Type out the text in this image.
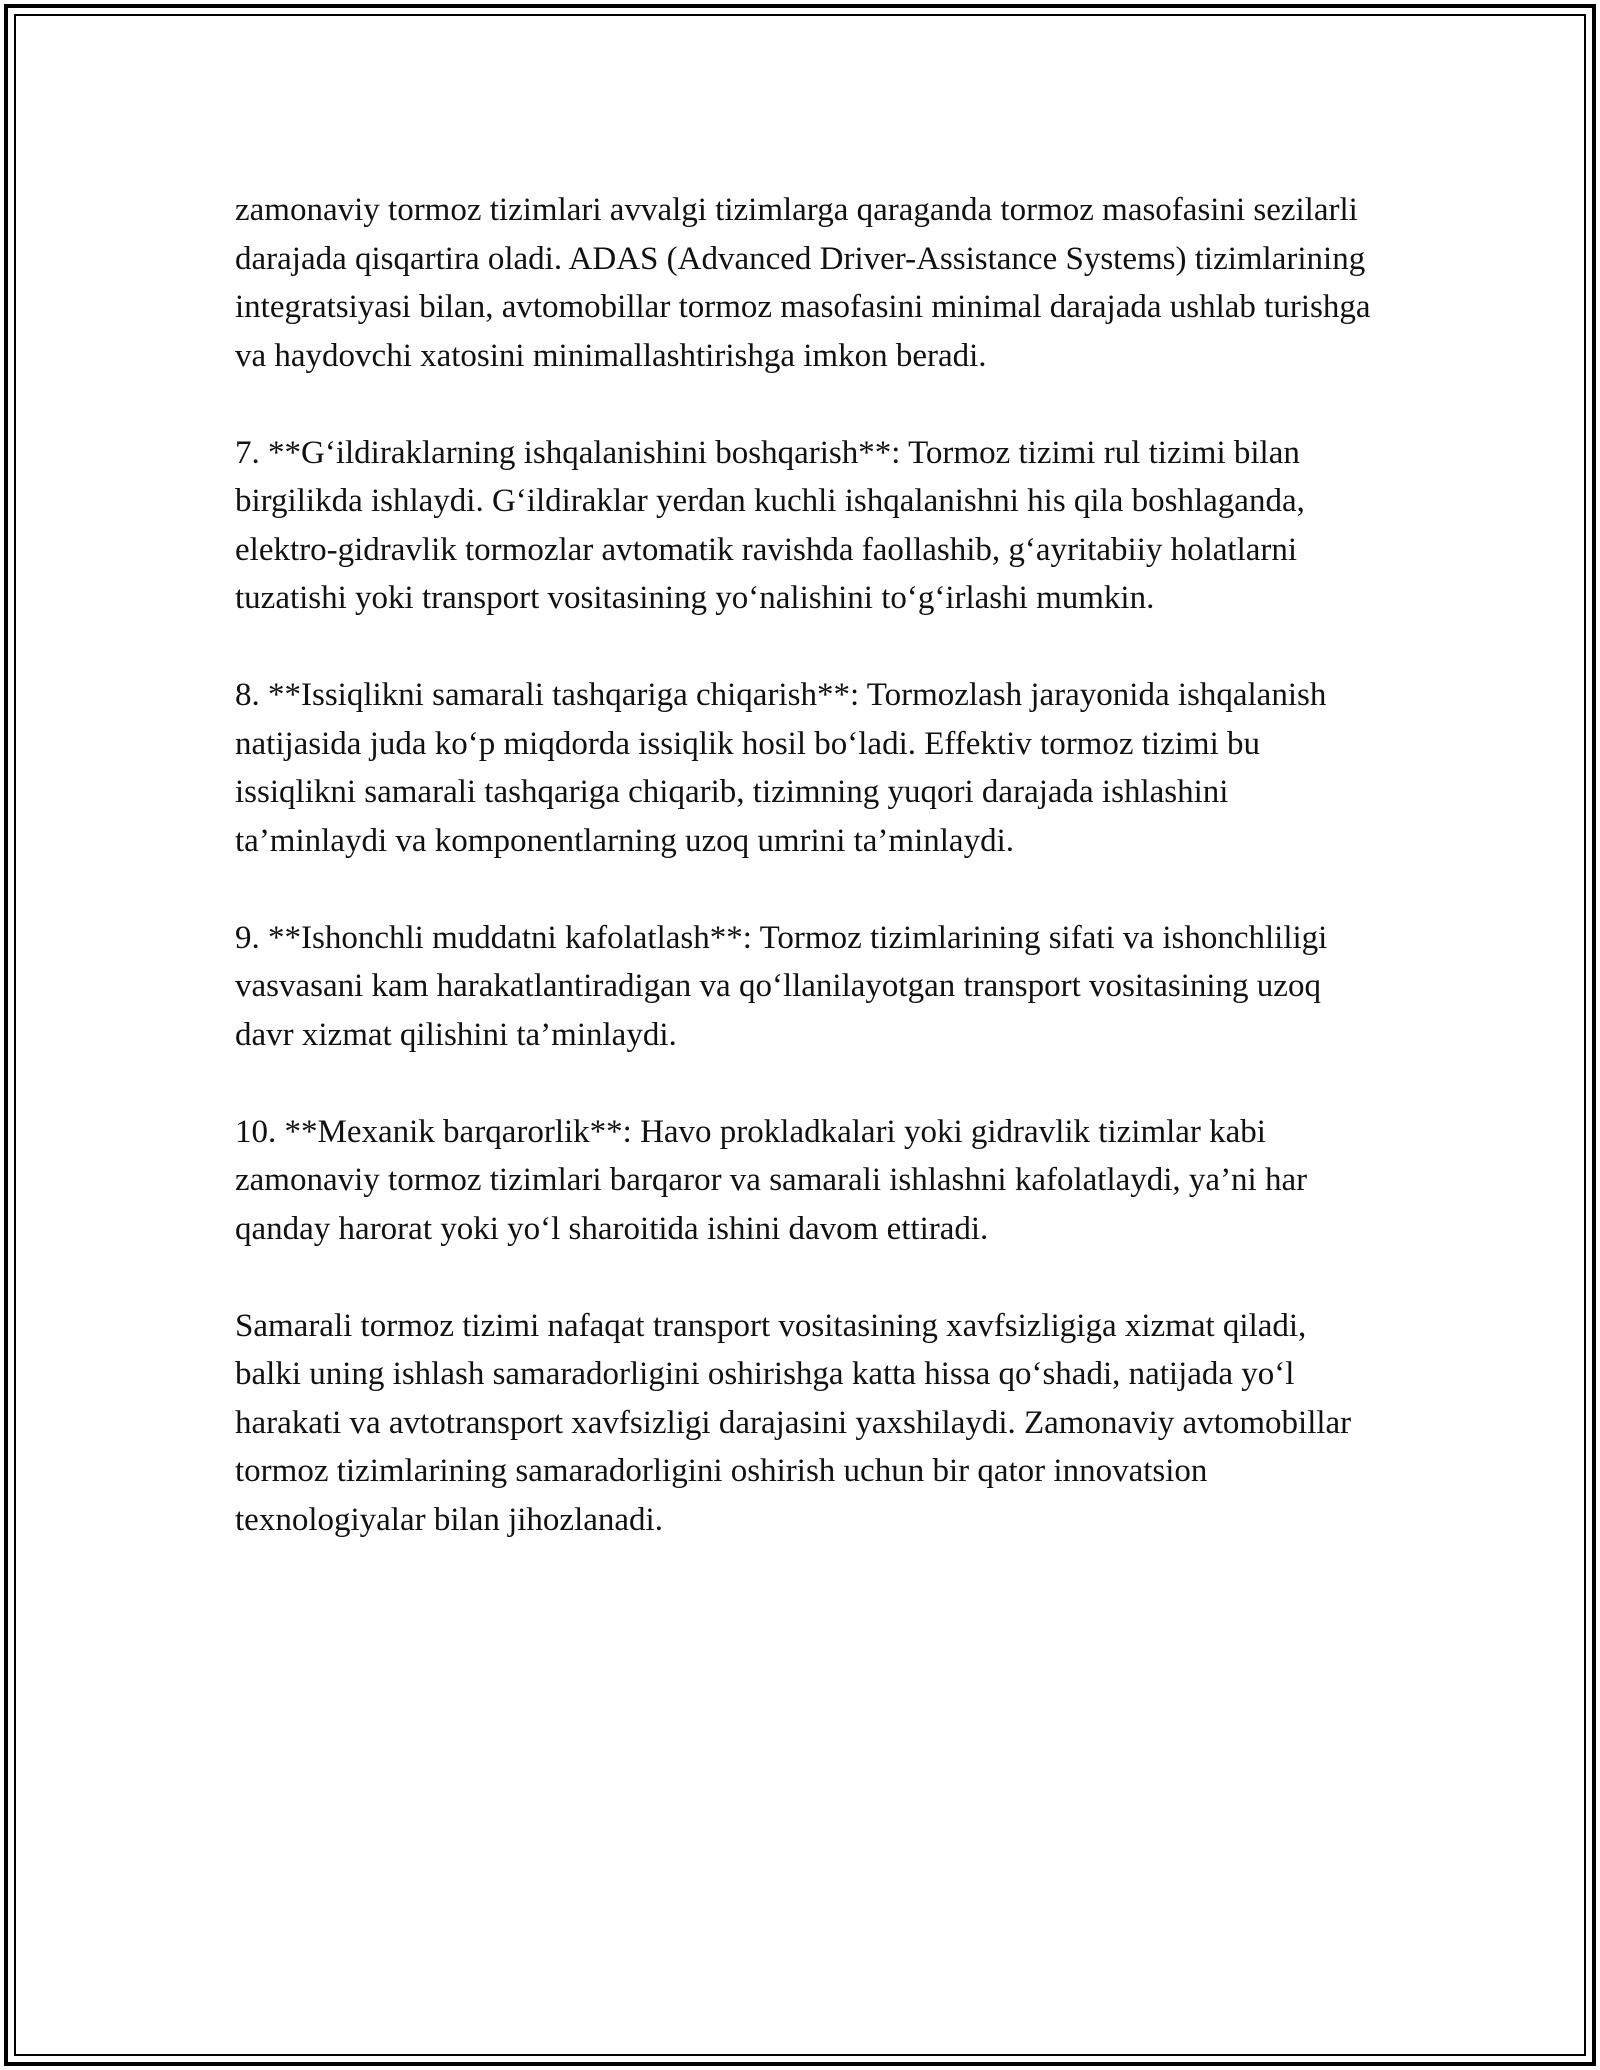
zamonaviy tormoz tizimlari avvalgi tizimlarga qaraganda tormoz masofasini sezilarli darajada qisqartira oladi. ADAS (Advanced Driver-Assistance Systems) tizimlarining integratsiyasi bilan, avtomobillar tormoz masofasini minimal darajada ushlab turishga va haydovchi xatosini minimallashtirishga imkon beradi.

7. **G‘ildiraklarning ishqalanishini boshqarish**: Tormoz tizimi rul tizimi bilan birgilikda ishlaydi. G‘ildiraklar yerdan kuchli ishqalanishni his qila boshlaganda, elektro-gidravlik tormozlar avtomatik ravishda faollashib, g‘ayritabiiy holatlarni tuzatishi yoki transport vositasining yo‘nalishini to‘g‘irlashi mumkin.

8. **Issiqlikni samarali tashqariga chiqarish**: Tormozlash jarayonida ishqalanish natijasida juda ko‘p miqdorda issiqlik hosil bo‘ladi. Effektiv tormoz tizimi bu issiqlikni samarali tashqariga chiqarib, tizimning yuqori darajada ishlashini ta’minlaydi va komponentlarning uzoq umrini ta’minlaydi.

9. **Ishonchli muddatni kafolatlash**: Tormoz tizimlarining sifati va ishonchliligi vasvasani kam harakatlantiradigan va qo‘llanilayotgan transport vositasining uzoq davr xizmat qilishini ta’minlaydi.

10. **Mexanik barqarorlik**: Havo prokladkalari yoki gidravlik tizimlar kabi zamonaviy tormoz tizimlari barqaror va samarali ishlashni kafolatlaydi, ya’ni har qanday harorat yoki yo‘l sharoitida ishini davom ettiradi.

Samarali tormoz tizimi nafaqat transport vositasining xavfsizligiga xizmat qiladi, balki uning ishlash samaradorligini oshirishga katta hissa qo‘shadi, natijada yo‘l harakati va avtotransport xavfsizligi darajasini yaxshilaydi. Zamonaviy avtomobillar tormoz tizimlarining samaradorligini oshirish uchun bir qator innovatsion texnologiyalar bilan jihozlanadi.
